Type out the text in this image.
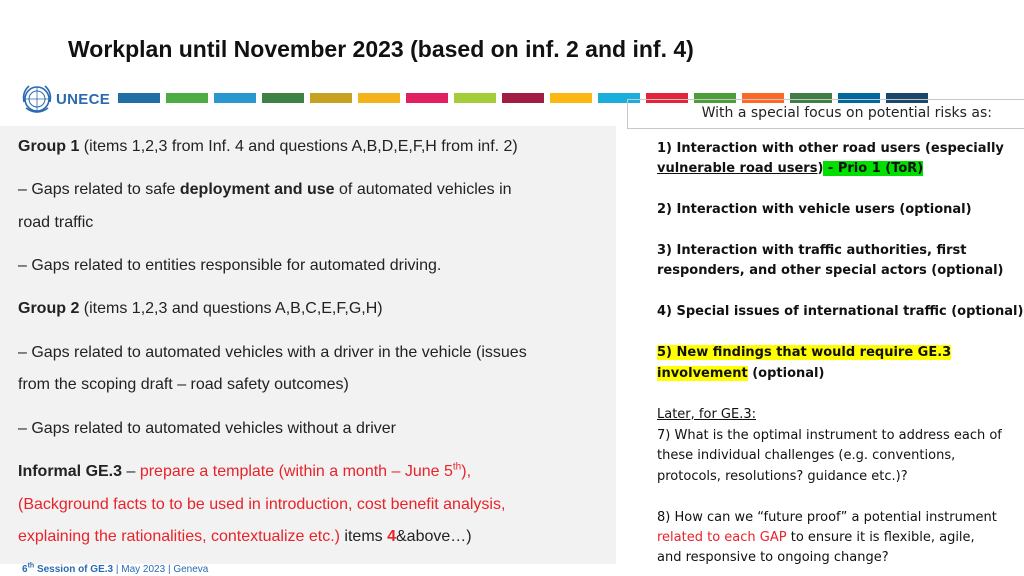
Workplan until November 2023 (based on inf. 2 and inf. 4)
UNECE
With a special focus on potential risks as:
Group 1 (items 1,2,3 from Inf. 4 and questions A,B,D,E,F,H from inf. 2)
– Gaps related to safe deployment and use of automated vehicles in
road traffic
– Gaps related to entities responsible for automated driving.
Group 2 (items 1,2,3 and questions A,B,C,E,F,G,H)
– Gaps related to automated vehicles with a driver in the vehicle (issues
from the scoping draft – road safety outcomes)
– Gaps related to automated vehicles without a driver
Informal GE.3 – prepare a template (within a month – June 5th),
(Background facts to to be used in introduction, cost benefit analysis,
explaining the rationalities, contextualize etc.) items 4&above…)
1) Interaction with other road users (especially
vulnerable road users) - Prio 1 (ToR)
2) Interaction with vehicle users (optional)
3) Interaction with traffic authorities, first
responders, and other special actors (optional)
4) Special issues of international traffic (optional)
5) New findings that would require GE.3
involvement (optional)
Later, for GE.3:
7) What is the optimal instrument to address each of
these individual challenges (e.g. conventions,
protocols, resolutions? guidance etc.)?
8) How can we “future proof” a potential instrument
related to each GAP to ensure it is flexible, agile,
and responsive to ongoing change?
6th Session of GE.3 | May 2023 | Geneva
